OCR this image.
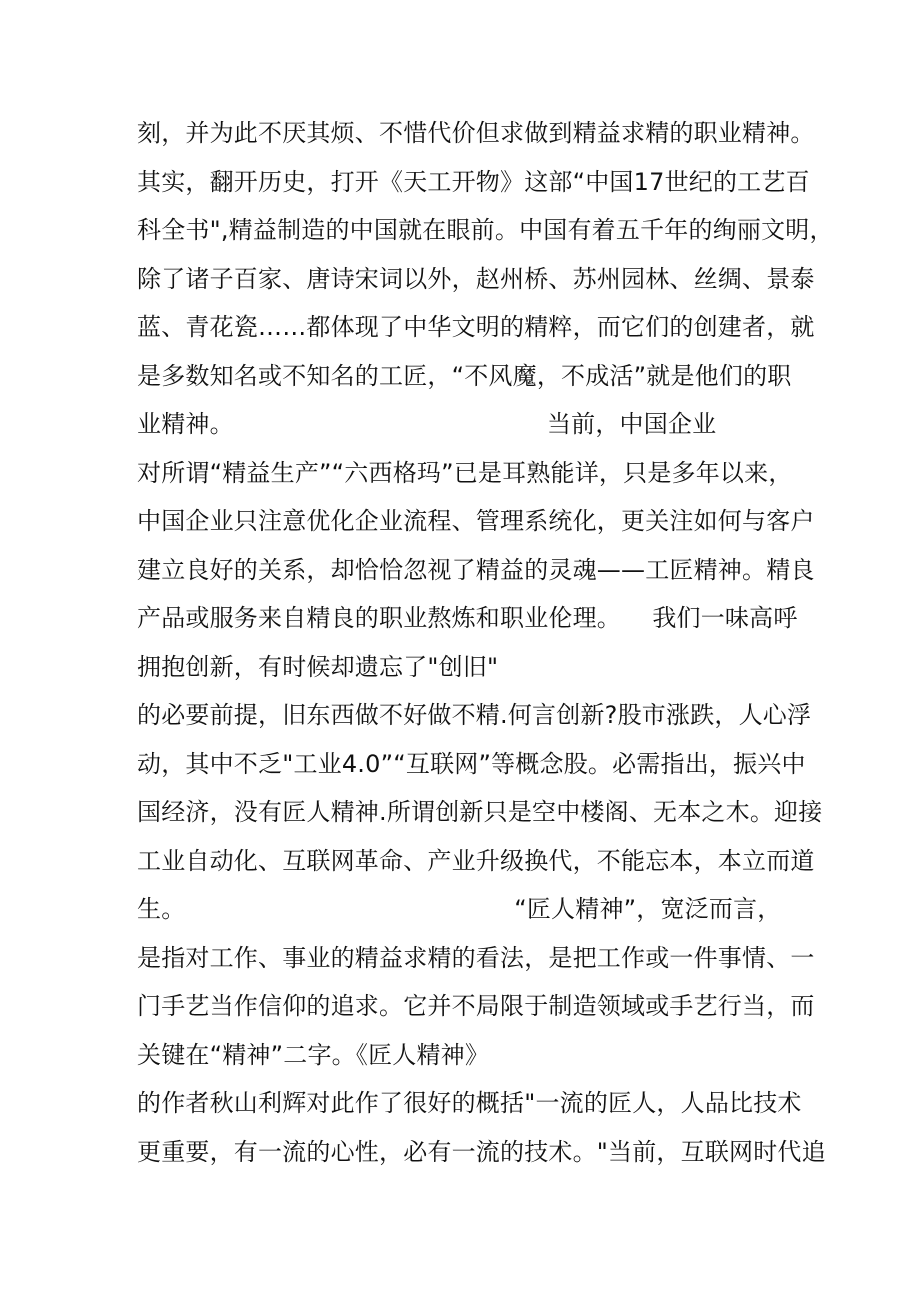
刻，并为此不厌其烦、不惜代价但求做到精益求精的职业精神。
其实，翻开历史，打开《天工开物》这部“中国17世纪的工艺百
科全书",精益制造的中国就在眼前。中国有着五千年的绚丽文明，
除了诸子百家、唐诗宋词以外，赵州桥、苏州园林、丝绸、景泰
蓝、青花瓷……都体现了中华文明的精粹，而它们的创建者，就
是多数知名或不知名的工匠，“不风魔，不成活”就是他们的职
业精神。                                        当前，中国企业
对所谓“精益生产”“六西格玛”已是耳熟能详，只是多年以来，
中国企业只注意优化企业流程、管理系统化，更关注如何与客户
建立良好的关系，却恰恰忽视了精益的灵魂——工匠精神。精良
产品或服务来自精良的职业熬炼和职业伦理。    我们一味高呼
拥抱创新，有时候却遗忘了"创旧"
的必要前提，旧东西做不好做不精.何言创新?股市涨跌，人心浮
动，其中不乏"工业4.0”“互联网”等概念股。必需指出，振兴中
国经济，没有匠人精神.所谓创新只是空中楼阁、无本之木。迎接
工业自动化、互联网革命、产业升级换代，不能忘本，本立而道
生。                                          “匠人精神”，宽泛而言，
是指对工作、事业的精益求精的看法，是把工作或一件事情、一
门手艺当作信仰的追求。它并不局限于制造领域或手艺行当，而
关键在“精神”二字。《匠人精神》
的作者秋山利辉对此作了很好的概括"一流的匠人，人品比技术
更重要，有一流的心性，必有一流的技术。"当前，互联网时代追
